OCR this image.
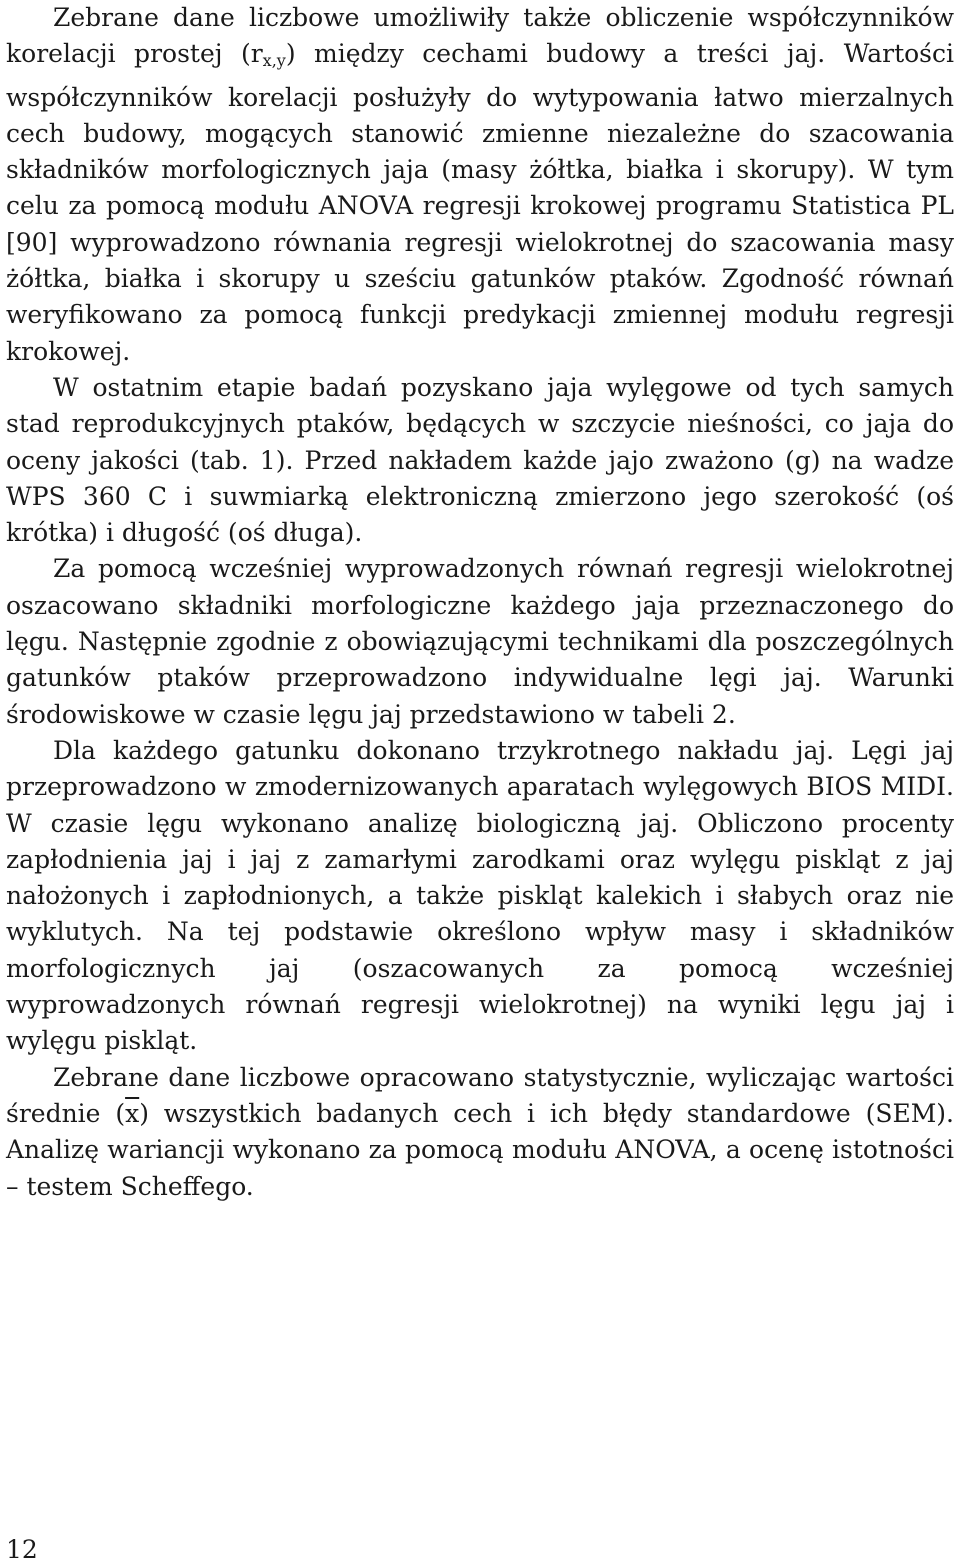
Zebrane dane liczbowe umożliwiły także obliczenie współczynników korelacji prostej $(r_{x,y})$ między cechami budowy a treści jaj. Wartości współczynników korelacji posłużyły do wytypowania łatwo mierzalnych cech budowy, mogących stanowić zmienne niezależne do szacowania składników morfologicznych jaja (masy żółtka, białka i skorupy). W tym celu za pomocą modułu ANOVA regresji krokowej programu Statistica PL [90] wyprowadzono równania regresji wielokrotnej do szacowania masy żółtka, białka i skorupy u sześciu gatunków ptaków. Zgodność równań weryfikowano za pomocą funkcji predykacji zmiennej modułu regresji krokowej.

W ostatnim etapie badań pozyskano jaja wylęgowe od tych samych stad reprodukcyjnych ptaków, będących w szczycie nieśności, co jaja do oceny jakości (tab. 1). Przed nakładem każde jajo zważono (g) na wadze WPS 360 C i suwmiarką elektroniczną zmierzono jego szerokość (oś krótka) i długość (oś długa).

Za pomocą wcześniej wyprowadzonych równań regresji wielokrotnej oszacowano składniki morfologiczne każdego jaja przeznaczonego do lęgu. Następnie zgodnie z obowiązującymi technikami dla poszczególnych gatunków ptaków przeprowadzono indywidualne lęgi jaj. Warunki środowiskowe w czasie lęgu jaj przedstawiono w tabeli 2.

Dla każdego gatunku dokonano trzykrotnego nakładu jaj. Lęgi jaj przeprowadzono w zmodernizowanych aparatach wylęgowych BIOS MIDI. W czasie lęgu wykonano analizę biologiczną jaj. Obliczono procenty zapłodnienia jaj i jaj z zamarłymi zarodkami oraz wylęgu piskląt z jaj nałożonych i zapłodnionych, a także piskląt kalekich i słabych oraz nie wyklutych. Na tej podstawie określono wpływ masy i składników morfologicznych jaj (oszacowanych za pomocą wcześniej wyprowadzonych równań regresji wielokrotnej) na wyniki lęgu jaj i wylęgu piskląt.

Zebrane dane liczbowe opracowano statystycznie, wyliczając wartości średnie $(\overline{x})$ wszystkich badanych cech i ich błędy standardowe (SEM). Analizę wariancji wykonano za pomocą modułu ANOVA, a ocenę istotności – testem Scheffego.

12
